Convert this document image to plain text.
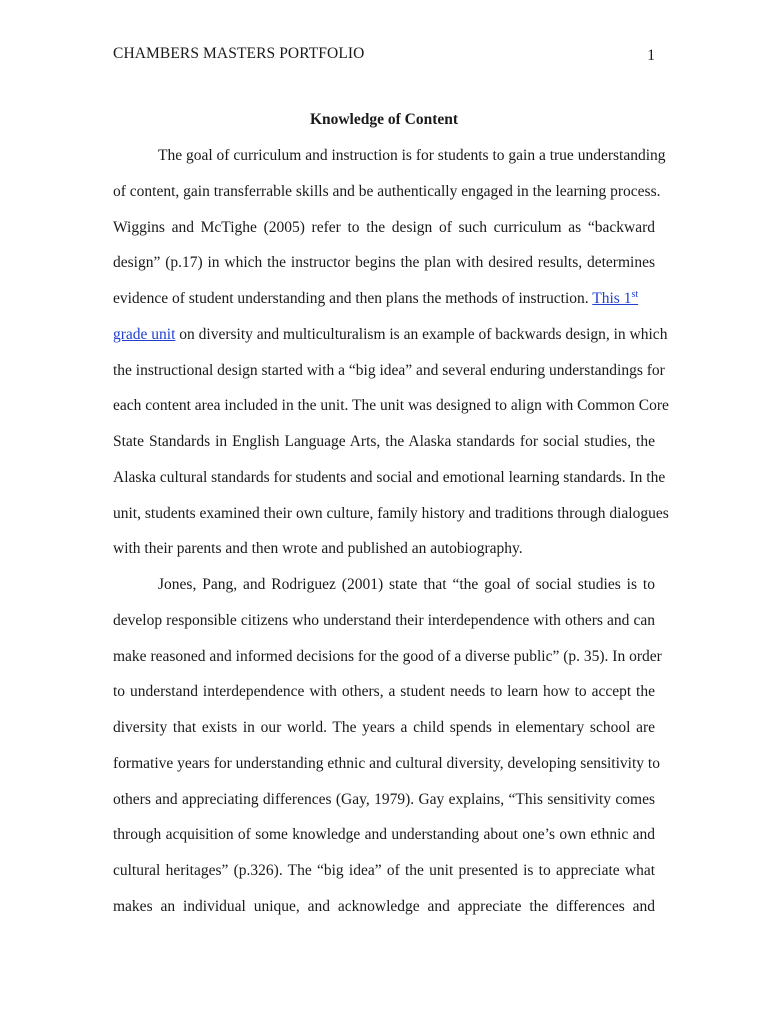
CHAMBERS MASTERS PORTFOLIO	1
Knowledge of Content
The goal of curriculum and instruction is for students to gain a true understanding
of content, gain transferrable skills and be authentically engaged in the learning process.
Wiggins and McTighe (2005) refer to the design of such curriculum as “backward
design” (p.17) in which the instructor begins the plan with desired results, determines
evidence of student understanding and then plans the methods of instruction. This 1st
grade unit on diversity and multiculturalism is an example of backwards design, in which
the instructional design started with a “big idea” and several enduring understandings for
each content area included in the unit. The unit was designed to align with Common Core
State Standards in English Language Arts, the Alaska standards for social studies, the
Alaska cultural standards for students and social and emotional learning standards. In the
unit, students examined their own culture, family history and traditions through dialogues
with their parents and then wrote and published an autobiography.
Jones, Pang, and Rodriguez (2001) state that “the goal of social studies is to
develop responsible citizens who understand their interdependence with others and can
make reasoned and informed decisions for the good of a diverse public” (p. 35). In order
to understand interdependence with others, a student needs to learn how to accept the
diversity that exists in our world. The years a child spends in elementary school are
formative years for understanding ethnic and cultural diversity, developing sensitivity to
others and appreciating differences (Gay, 1979). Gay explains, “This sensitivity comes
through acquisition of some knowledge and understanding about one’s own ethnic and
cultural heritages” (p.326). The “big idea” of the unit presented is to appreciate what
makes an individual unique, and acknowledge and appreciate the differences and
